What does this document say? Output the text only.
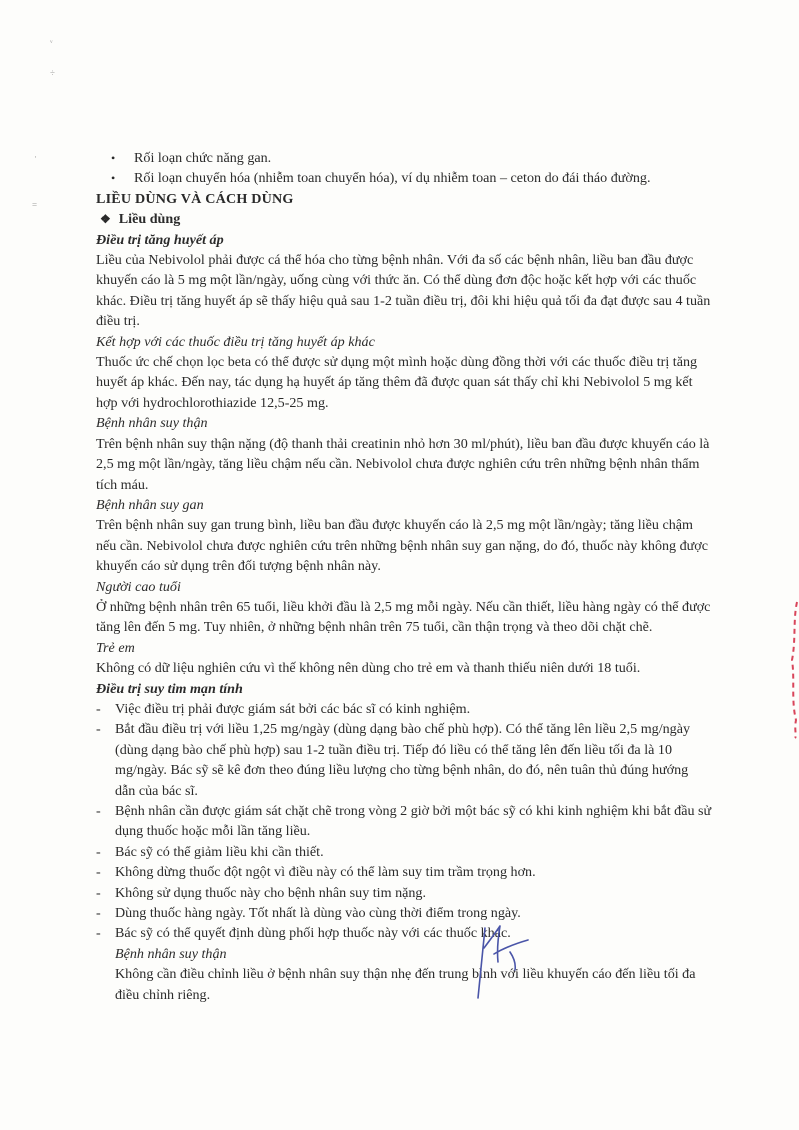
ᵥ
÷
·
=
• Rối loạn chức năng gan.
• Rối loạn chuyển hóa (nhiễm toan chuyển hóa), ví dụ nhiễm toan – ceton do đái tháo đường.

LIỀU DÙNG VÀ CÁCH DÙNG

❖ Liều dùng

Điều trị tăng huyết áp

Liều của Nebivolol phải được cá thể hóa cho từng bệnh nhân. Với đa số các bệnh nhân, liều ban đầu được khuyến cáo là 5 mg một lần/ngày, uống cùng với thức ăn. Có thể dùng đơn độc hoặc kết hợp với các thuốc khác. Điều trị tăng huyết áp sẽ thấy hiệu quả sau 1-2 tuần điều trị, đôi khi hiệu quả tối đa đạt được sau 4 tuần điều trị.

Kết hợp với các thuốc điều trị tăng huyết áp khác

Thuốc ức chế chọn lọc beta có thể được sử dụng một mình hoặc dùng đồng thời với các thuốc điều trị tăng huyết áp khác. Đến nay, tác dụng hạ huyết áp tăng thêm đã được quan sát thấy chỉ khi Nebivolol 5 mg kết hợp với hydrochlorothiazide 12,5-25 mg.

Bệnh nhân suy thận

Trên bệnh nhân suy thận nặng (độ thanh thải creatinin nhỏ hơn 30 ml/phút), liều ban đầu được khuyến cáo là 2,5 mg một lần/ngày, tăng liều chậm nếu cần. Nebivolol chưa được nghiên cứu trên những bệnh nhân thẩm tích máu.

Bệnh nhân suy gan

Trên bệnh nhân suy gan trung bình, liều ban đầu được khuyến cáo là 2,5 mg một lần/ngày; tăng liều chậm nếu cần. Nebivolol chưa được nghiên cứu trên những bệnh nhân suy gan nặng, do đó, thuốc này không được khuyến cáo sử dụng trên đối tượng bệnh nhân này.

Người cao tuổi

Ở những bệnh nhân trên 65 tuổi, liều khởi đầu là 2,5 mg mỗi ngày. Nếu cần thiết, liều hàng ngày có thể được tăng lên đến 5 mg. Tuy nhiên, ở những bệnh nhân trên 75 tuổi, cần thận trọng và theo dõi chặt chẽ.

Trẻ em

Không có dữ liệu nghiên cứu vì thế không nên dùng cho trẻ em và thanh thiếu niên dưới 18 tuổi.

Điều trị suy tim mạn tính

- Việc điều trị phải được giám sát bởi các bác sĩ có kinh nghiệm.
- Bắt đầu điều trị với liều 1,25 mg/ngày (dùng dạng bào chế phù hợp). Có thể tăng lên liều 2,5 mg/ngày (dùng dạng bào chế phù hợp) sau 1-2 tuần điều trị. Tiếp đó liều có thể tăng lên đến liều tối đa là 10 mg/ngày. Bác sỹ sẽ kê đơn theo đúng liều lượng cho từng bệnh nhân, do đó, nên tuân thủ đúng hướng dẫn của bác sĩ.
- Bệnh nhân cần được giám sát chặt chẽ trong vòng 2 giờ bởi một bác sỹ có khi kinh nghiệm khi bắt đầu sử dụng thuốc hoặc mỗi lần tăng liều.
- Bác sỹ có thể giảm liều khi cần thiết.
- Không dừng thuốc đột ngột vì điều này có thể làm suy tim trầm trọng hơn.
- Không sử dụng thuốc này cho bệnh nhân suy tim nặng.
- Dùng thuốc hàng ngày. Tốt nhất là dùng vào cùng thời điểm trong ngày.
- Bác sỹ có thể quyết định dùng phối hợp thuốc này với các thuốc khác.

Bệnh nhân suy thận

Không cần điều chỉnh liều ở bệnh nhân suy thận nhẹ đến trung bình với liều khuyến cáo đến liều tối đa điều chỉnh riêng.
